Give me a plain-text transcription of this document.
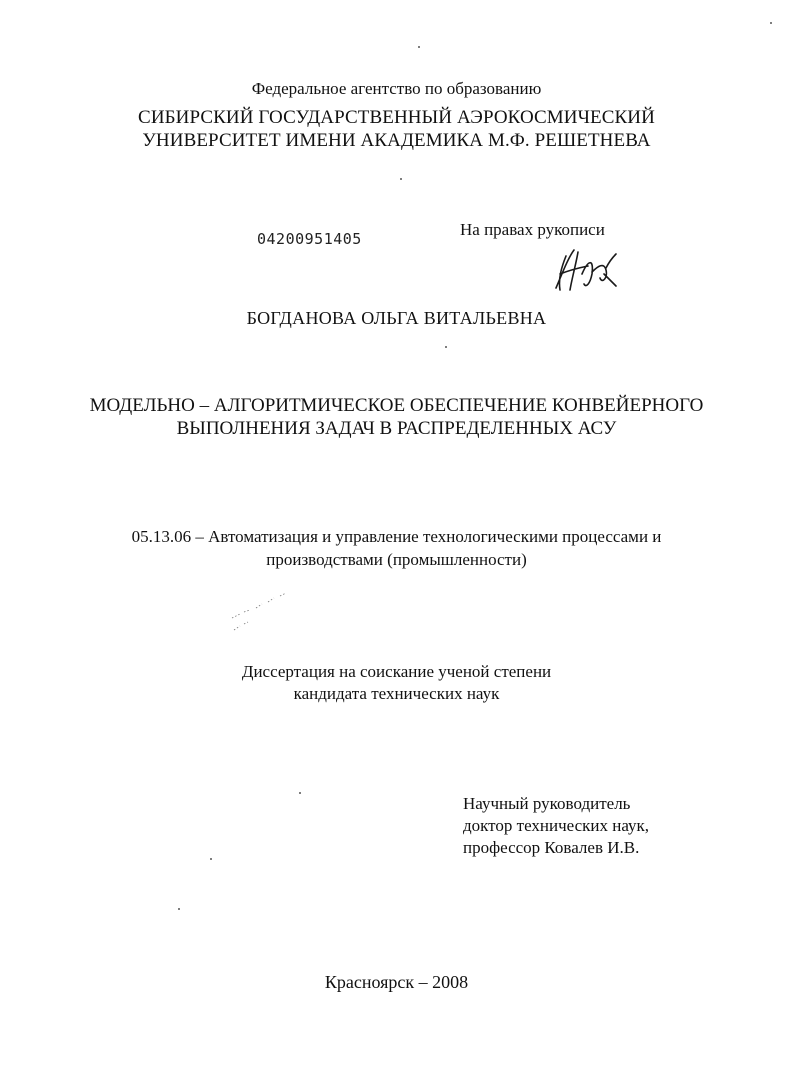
Федеральное агентство по образованию
СИБИРСКИЙ ГОСУДАРСТВЕННЫЙ АЭРОКОСМИЧЕСКИЙ
УНИВЕРСИТЕТ ИМЕНИ АКАДЕМИКА М.Ф. РЕШЕТНЕВА
04200951405	На правах рукописи
БОГДАНОВА ОЛЬГА ВИТАЛЬЕВНА
МОДЕЛЬНО – АЛГОРИТМИЧЕСКОЕ ОБЕСПЕЧЕНИЕ КОНВЕЙЕРНОГО
ВЫПОЛНЕНИЯ ЗАДАЧ В РАСПРЕДЕЛЕННЫХ АСУ
05.13.06 – Автоматизация и управление технологическими процессами и
производствами (промышленности)
Диссертация на соискание ученой степени
кандидата технических наук
Научный руководитель
доктор технических наук,
профессор Ковалев И.В.
Красноярск – 2008
